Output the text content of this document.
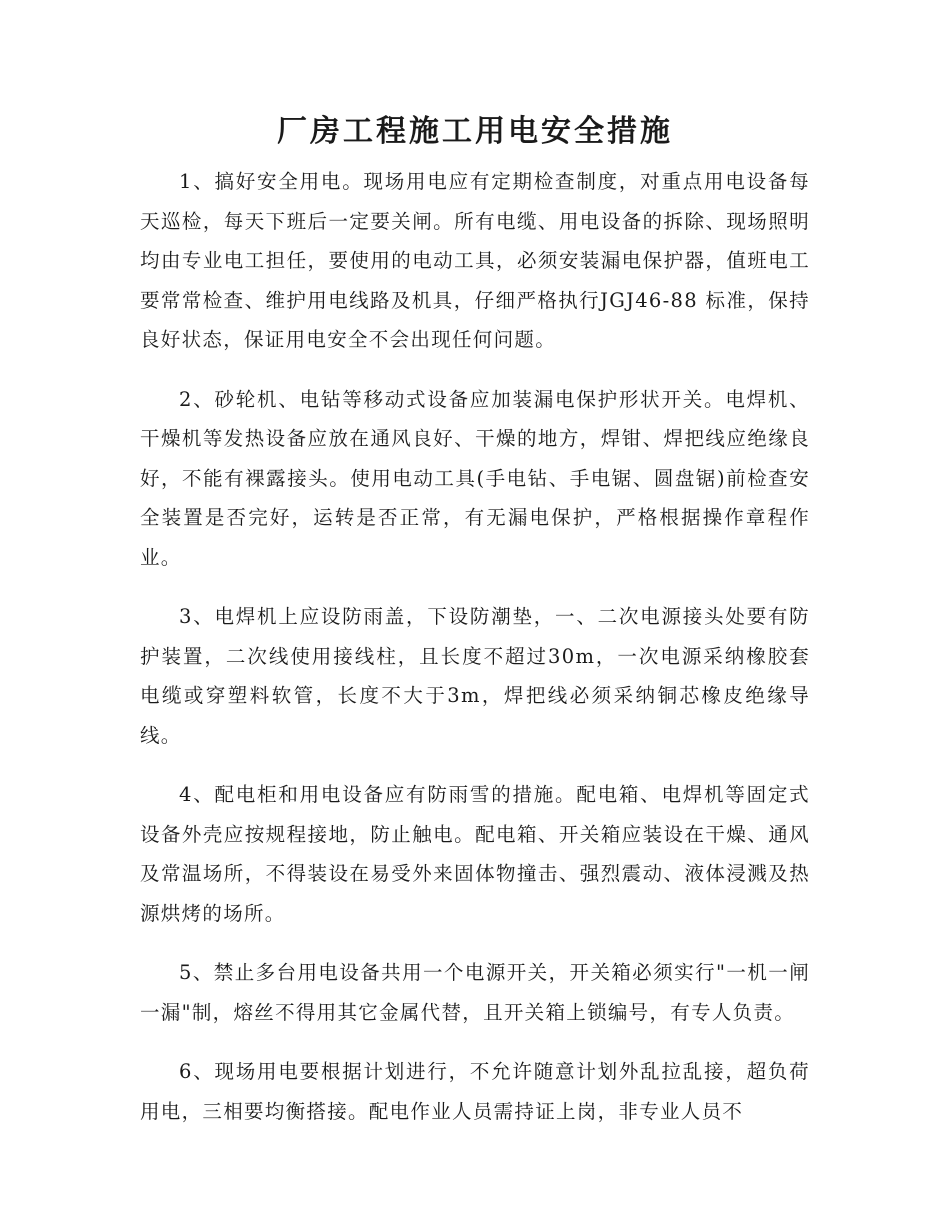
厂房工程施工用电安全措施

1、搞好安全用电。现场用电应有定期检查制度，对重点用电设备每天巡检，每天下班后一定要关闸。所有电缆、用电设备的拆除、现场照明均由专业电工担任，要使用的电动工具，必须安装漏电保护器，值班电工要常常检查、维护用电线路及机具，仔细严格执行JGJ46-88 标准，保持良好状态，保证用电安全不会出现任何问题。

2、砂轮机、电钻等移动式设备应加装漏电保护形状开关。电焊机、干燥机等发热设备应放在通风良好、干燥的地方，焊钳、焊把线应绝缘良好，不能有裸露接头。使用电动工具(手电钻、手电锯、圆盘锯)前检查安全装置是否完好，运转是否正常，有无漏电保护，严格根据操作章程作业。

3、电焊机上应设防雨盖，下设防潮垫，一、二次电源接头处要有防护装置，二次线使用接线柱，且长度不超过30m，一次电源采纳橡胶套电缆或穿塑料软管，长度不大于3m，焊把线必须采纳铜芯橡皮绝缘导线。

4、配电柜和用电设备应有防雨雪的措施。配电箱、电焊机等固定式设备外壳应按规程接地，防止触电。配电箱、开关箱应装设在干燥、通风及常温场所，不得装设在易受外来固体物撞击、强烈震动、液体浸溅及热源烘烤的场所。

5、禁止多台用电设备共用一个电源开关，开关箱必须实行"一机一闸一漏"制，熔丝不得用其它金属代替，且开关箱上锁编号，有专人负责。

6、现场用电要根据计划进行，不允许随意计划外乱拉乱接，超负荷用电，三相要均衡搭接。配电作业人员需持证上岗，非专业人员不
